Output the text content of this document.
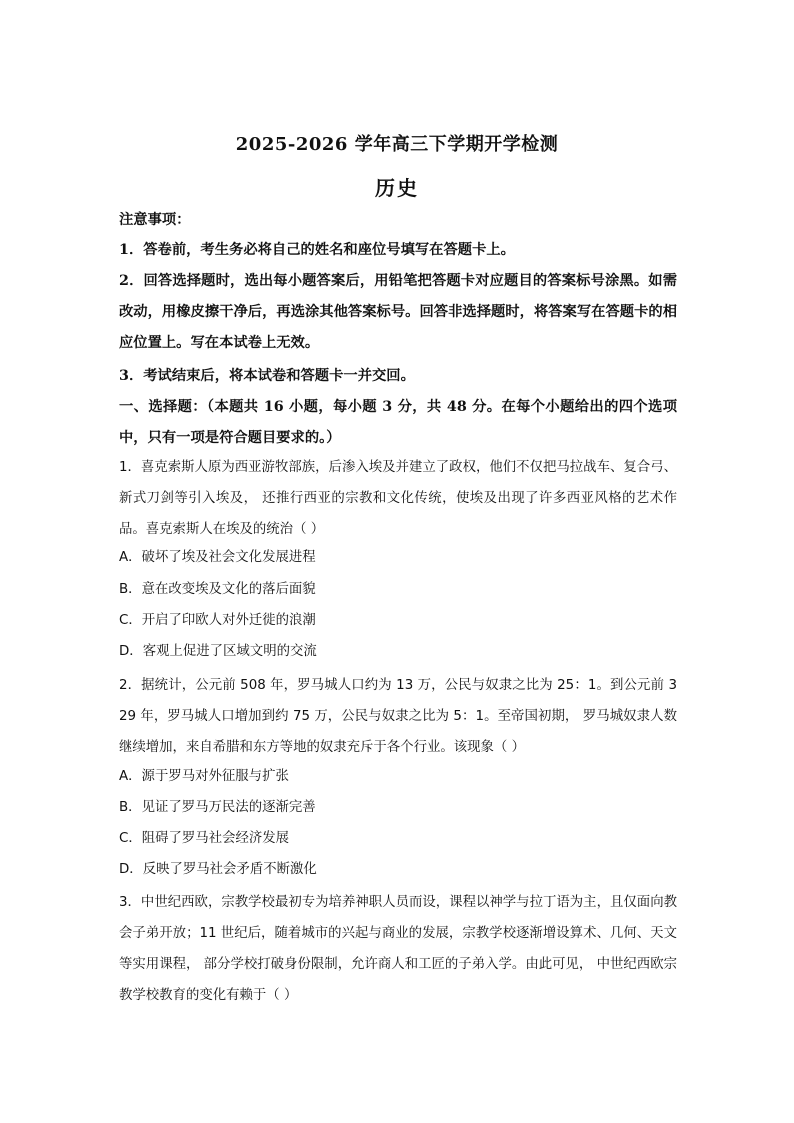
2025-2026 学年高三下学期开学检测
历史
注意事项：
1．答卷前，考生务必将自己的姓名和座位号填写在答题卡上。
2．回答选择题时，选出每小题答案后，用铅笔把答题卡对应题目的答案标号涂黑。如需改动，用橡皮擦干净后，再选涂其他答案标号。回答非选择题时，将答案写在答题卡的相应位置上。写在本试卷上无效。
3．考试结束后，将本试卷和答题卡一并交回。
一、选择题：（本题共 16 小题，每小题 3 分，共 48 分。在每个小题给出的四个选项中，只有一项是符合题目要求的。）
1．喜克索斯人原为西亚游牧部族，后渗入埃及并建立了政权，他们不仅把马拉战车、复合弓、新式刀剑等引入埃及， 还推行西亚的宗教和文化传统，使埃及出现了许多西亚风格的艺术作品。喜克索斯人在埃及的统治（ ）
A．破坏了埃及社会文化发展进程
B．意在改变埃及文化的落后面貌
C．开启了印欧人对外迁徙的浪潮
D．客观上促进了区域文明的交流
2．据统计，公元前 508 年，罗马城人口约为 13 万，公民与奴隶之比为 25：1。到公元前 329 年，罗马城人口增加到约 75 万，公民与奴隶之比为 5：1。至帝国初期， 罗马城奴隶人数继续增加，来自希腊和东方等地的奴隶充斥于各个行业。该现象（ ）
A．源于罗马对外征服与扩张
B．见证了罗马万民法的逐渐完善
C．阻碍了罗马社会经济发展
D．反映了罗马社会矛盾不断激化
3．中世纪西欧，宗教学校最初专为培养神职人员而设，课程以神学与拉丁语为主，且仅面向教会子弟开放；11 世纪后，随着城市的兴起与商业的发展，宗教学校逐渐增设算术、几何、天文等实用课程， 部分学校打破身份限制，允许商人和工匠的子弟入学。由此可见， 中世纪西欧宗教学校教育的变化有赖于（ ）
